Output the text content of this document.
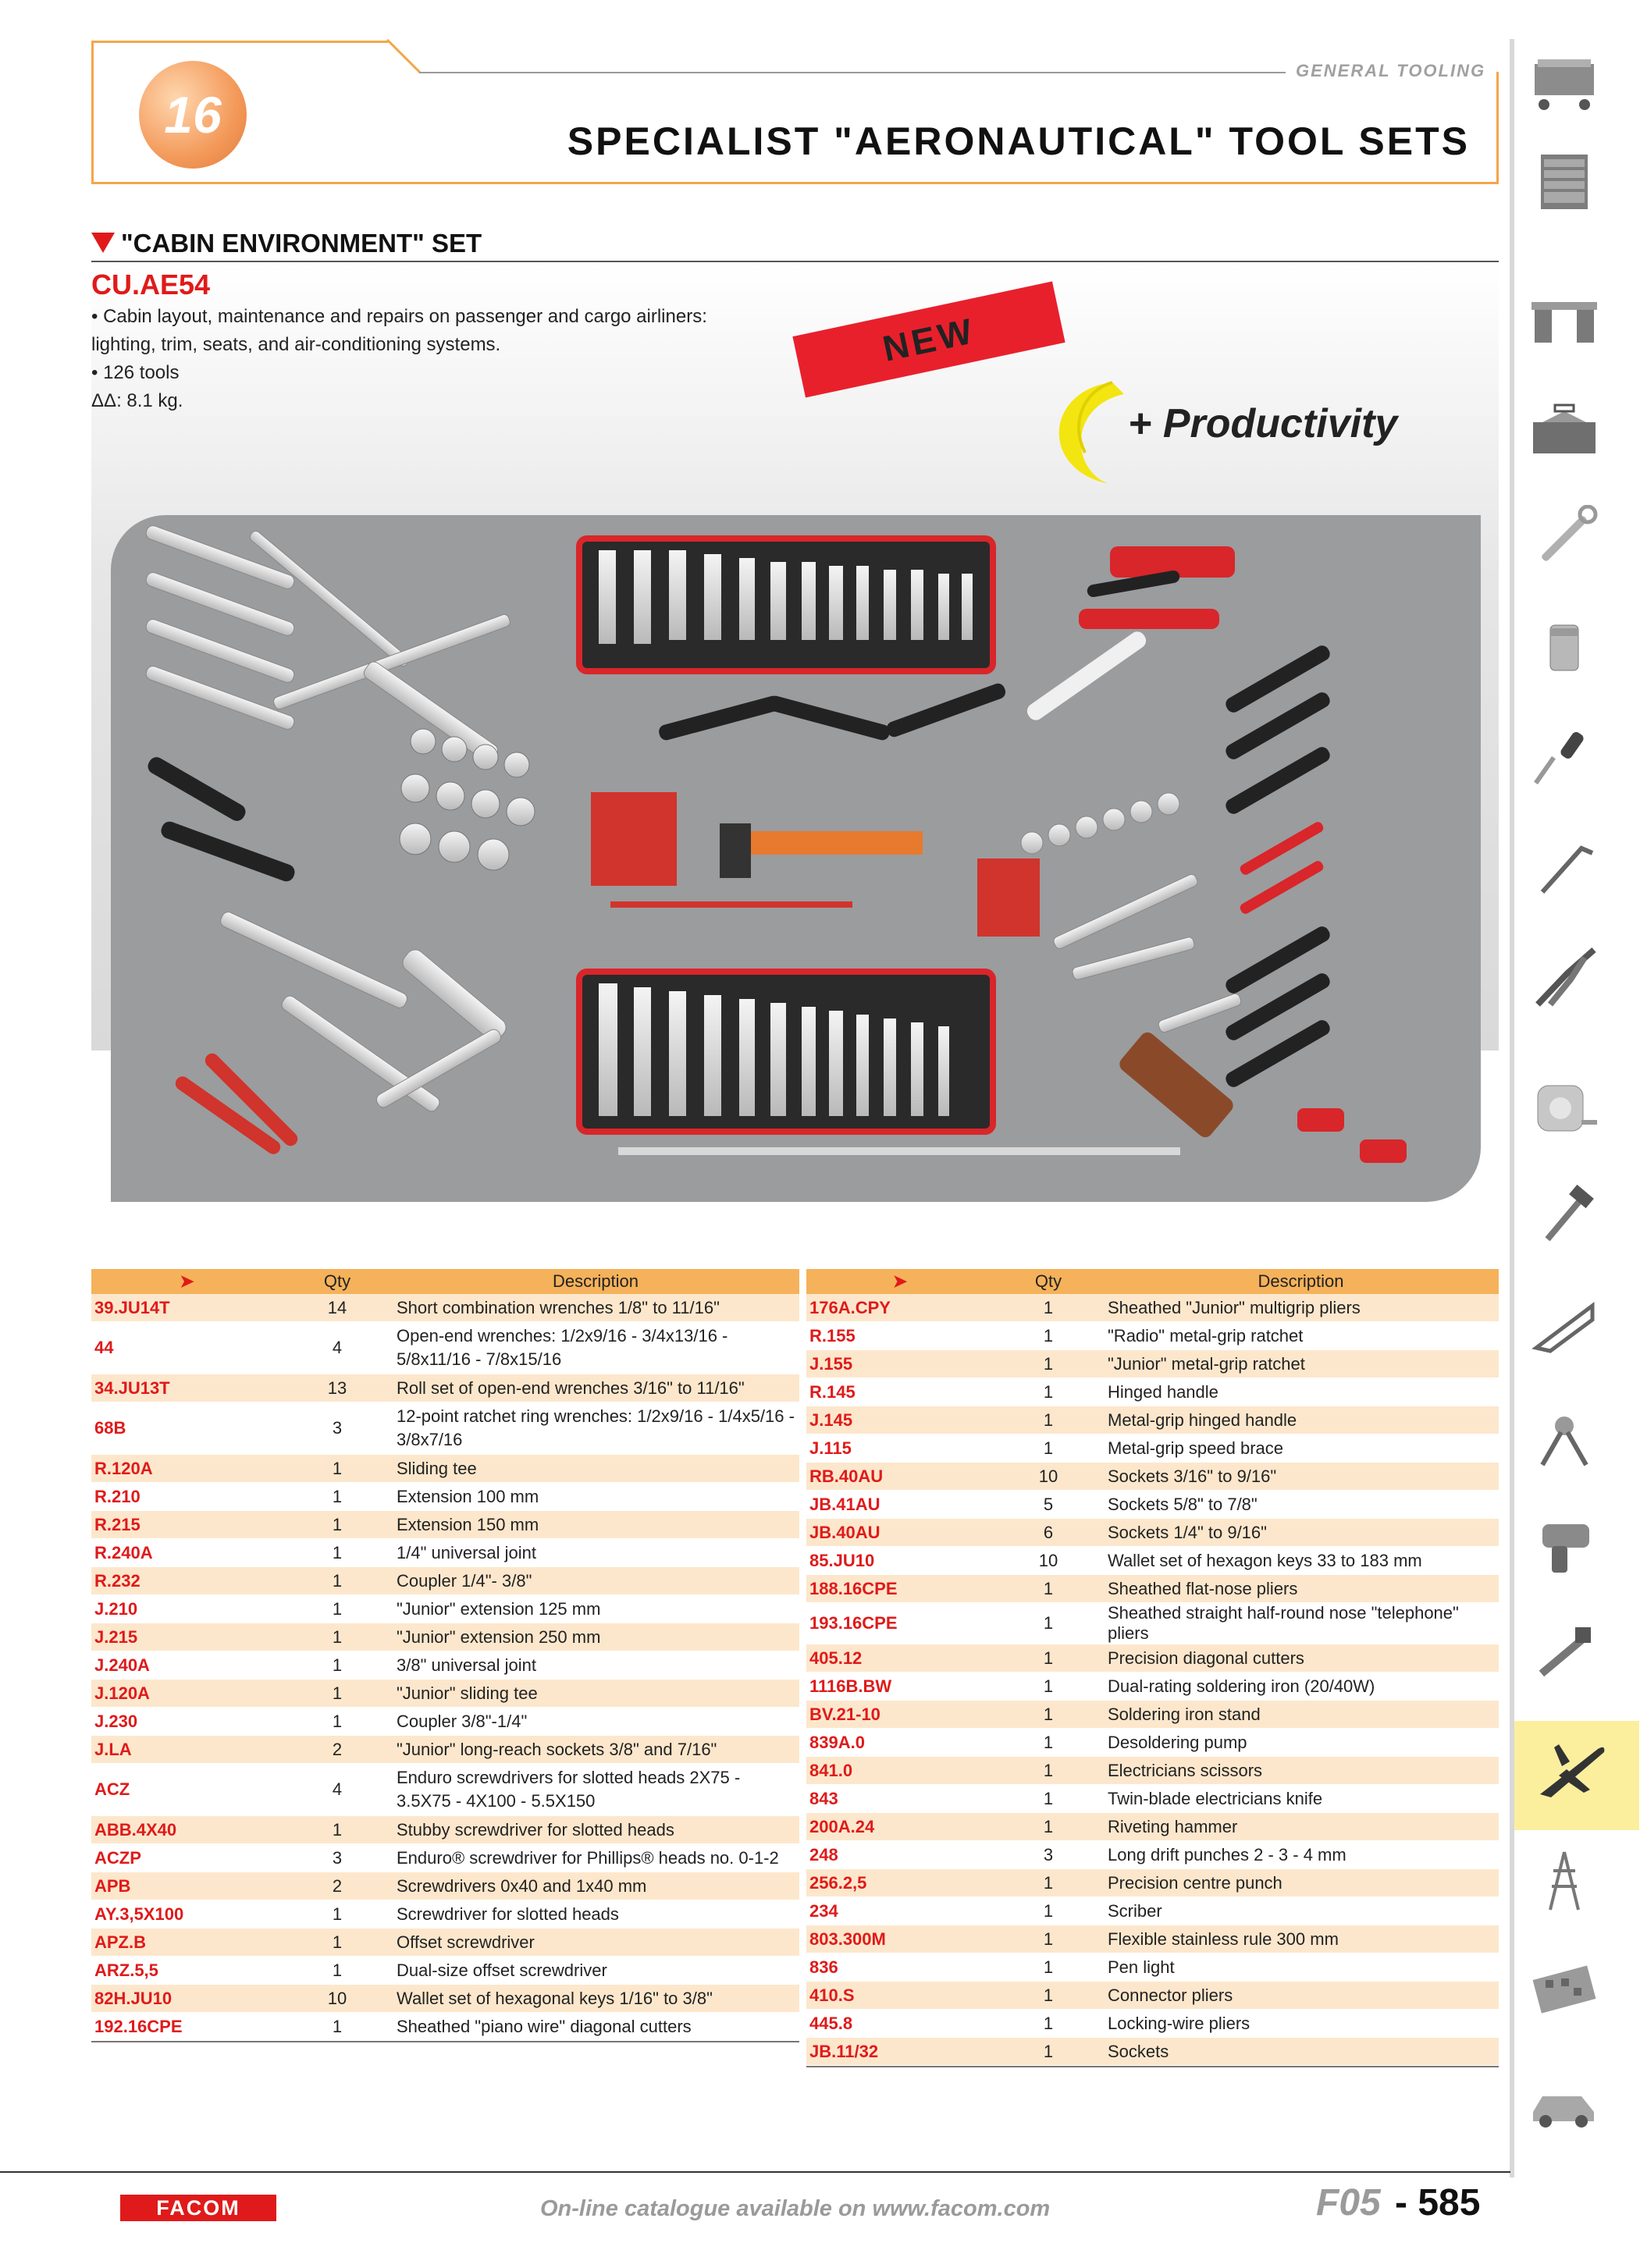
16
GENERAL TOOLING
SPECIALIST "AERONAUTICAL" TOOL SETS
"CABIN ENVIRONMENT" SET
CU.AE54
• Cabin layout, maintenance and repairs on passenger and cargo airliners: lighting, trim, seats, and air-conditioning systems.
• 126 tools
ΔΔ: 8.1 kg.
NEW
+ Productivity
➤	Qty	Description
39.JU14T	14	Short combination wrenches 1/8" to 11/16"
44	4	Open-end wrenches: 1/2x9/16 - 3/4x13/16 - 5/8x11/16 - 7/8x15/16
34.JU13T	13	Roll set of open-end wrenches 3/16" to 11/16"
68B	3	12-point ratchet ring wrenches: 1/2x9/16 - 1/4x5/16 - 3/8x7/16
R.120A	1	Sliding tee
R.210	1	Extension 100 mm
R.215	1	Extension 150 mm
R.240A	1	1/4" universal joint
R.232	1	Coupler 1/4"- 3/8"
J.210	1	"Junior" extension 125 mm
J.215	1	"Junior" extension 250 mm
J.240A	1	3/8" universal joint
J.120A	1	"Junior" sliding tee
J.230	1	Coupler 3/8"-1/4"
J.LA	2	"Junior" long-reach sockets 3/8" and 7/16"
ACZ	4	Enduro screwdrivers for slotted heads 2X75 - 3.5X75 - 4X100 - 5.5X150
ABB.4X40	1	Stubby screwdriver for slotted heads
ACZP	3	Enduro® screwdriver for Phillips® heads no. 0-1-2
APB	2	Screwdrivers 0x40 and 1x40 mm
AY.3,5X100	1	Screwdriver for slotted heads
APZ.B	1	Offset screwdriver
ARZ.5,5	1	Dual-size offset screwdriver
82H.JU10	10	Wallet set of hexagonal keys 1/16" to 3/8"
192.16CPE	1	Sheathed "piano wire" diagonal cutters
➤	Qty	Description
176A.CPY	1	Sheathed "Junior" multigrip pliers
R.155	1	"Radio" metal-grip ratchet
J.155	1	"Junior" metal-grip ratchet
R.145	1	Hinged handle
J.145	1	Metal-grip hinged handle
J.115	1	Metal-grip speed brace
RB.40AU	10	Sockets 3/16" to 9/16"
JB.41AU	5	Sockets 5/8" to 7/8"
JB.40AU	6	Sockets 1/4" to 9/16"
85.JU10	10	Wallet set of hexagon keys 33 to 183 mm
188.16CPE	1	Sheathed flat-nose pliers
193.16CPE	1	Sheathed straight half-round nose "telephone" pliers
405.12	1	Precision diagonal cutters
1116B.BW	1	Dual-rating soldering iron (20/40W)
BV.21-10	1	Soldering iron stand
839A.0	1	Desoldering pump
841.0	1	Electricians scissors
843	1	Twin-blade electricians knife
200A.24	1	Riveting hammer
248	3	Long drift punches 2 - 3 - 4 mm
256.2,5	1	Precision centre punch
234	1	Scriber
803.300M	1	Flexible stainless rule 300 mm
836	1	Pen light
410.S	1	Connector pliers
445.8	1	Locking-wire pliers
JB.11/32	1	Sockets
FACOM	On-line catalogue available on www.facom.com	F05 - 585
